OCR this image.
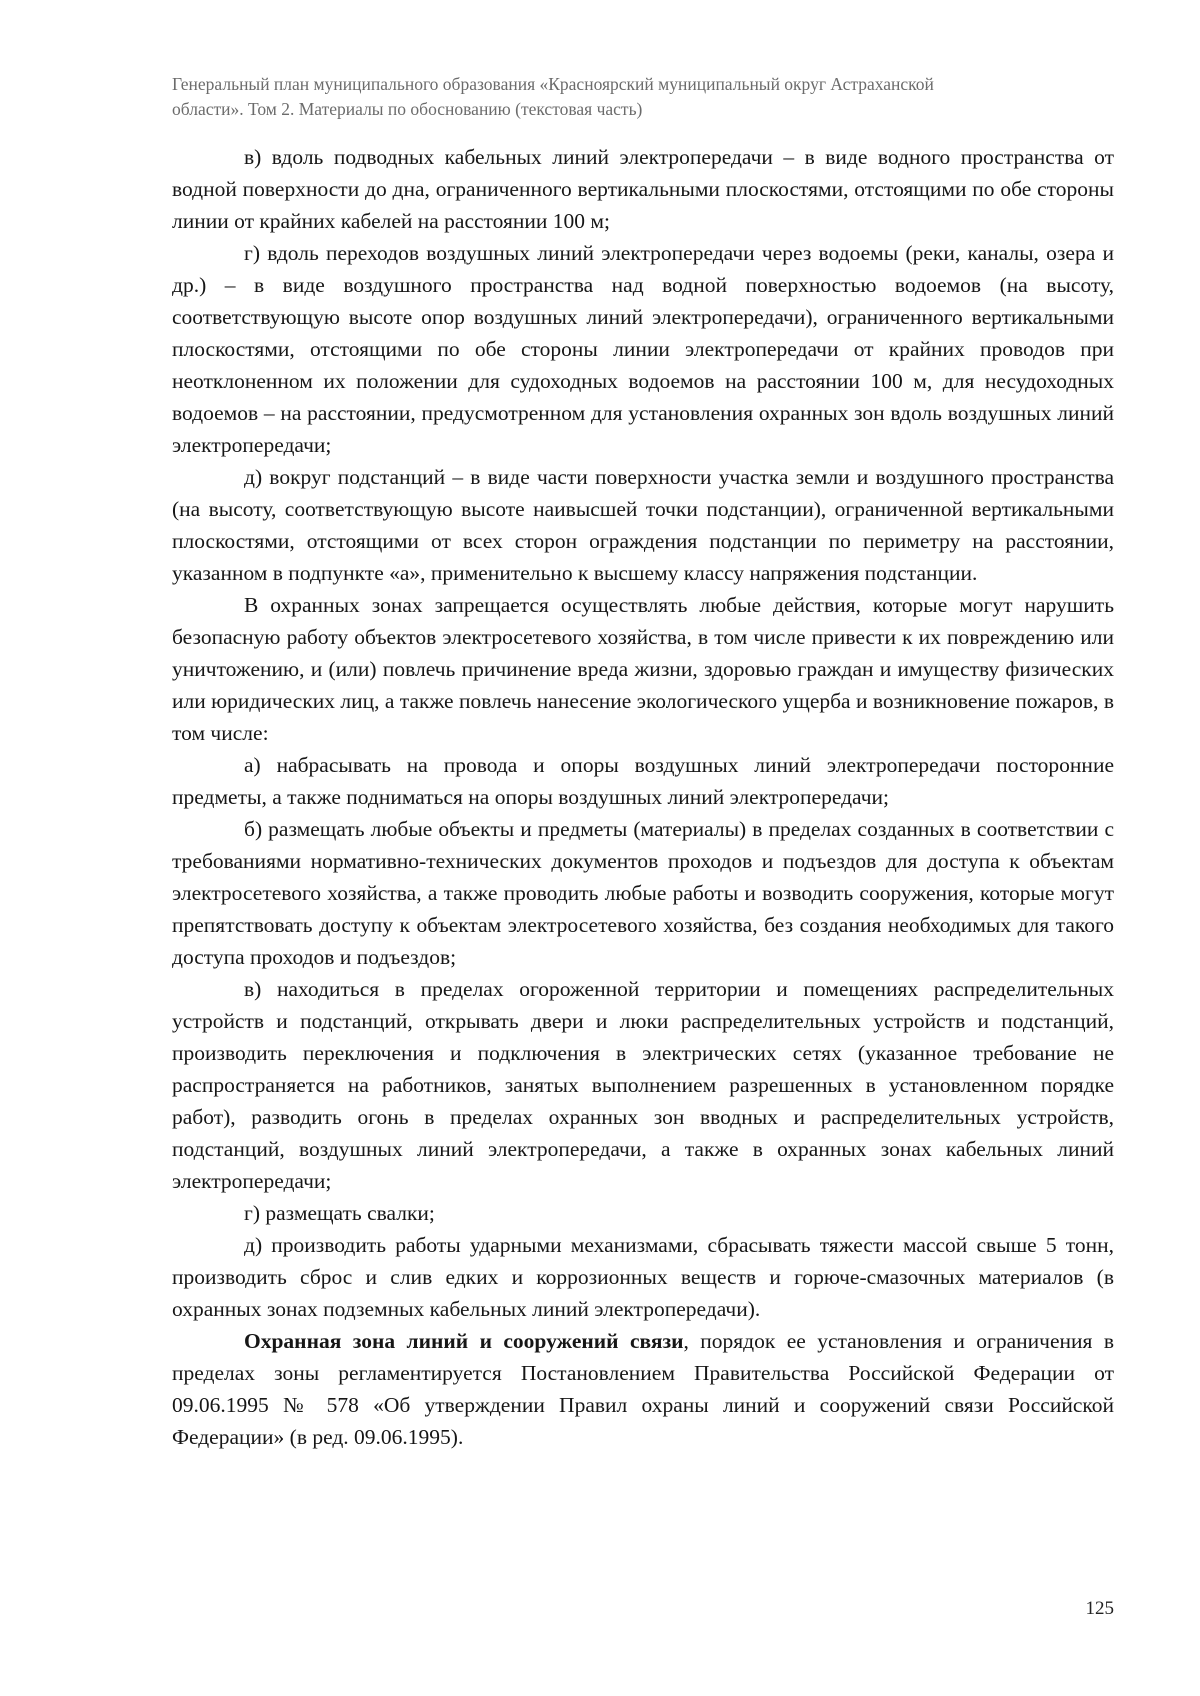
Генеральный план муниципального образования «Красноярский муниципальный округ Астраханской
области». Том 2. Материалы по обоснованию (текстовая часть)

в) вдоль подводных кабельных линий электропередачи – в виде водного пространства от водной поверхности до дна, ограниченного вертикальными плоскостями, отстоящими по обе стороны линии от крайних кабелей на расстоянии 100 м;

г) вдоль переходов воздушных линий электропередачи через водоемы (реки, каналы, озера и др.) – в виде воздушного пространства над водной поверхностью водоемов (на высоту, соответствующую высоте опор воздушных линий электропередачи), ограниченного вертикальными плоскостями, отстоящими по обе стороны линии электропередачи от крайних проводов при неотклоненном их положении для судоходных водоемов на расстоянии 100 м, для несудоходных водоемов – на расстоянии, предусмотренном для установления охранных зон вдоль воздушных линий электропередачи;

д) вокруг подстанций – в виде части поверхности участка земли и воздушного пространства (на высоту, соответствующую высоте наивысшей точки подстанции), ограниченной вертикальными плоскостями, отстоящими от всех сторон ограждения подстанции по периметру на расстоянии, указанном в подпункте «а», применительно к высшему классу напряжения подстанции.

В охранных зонах запрещается осуществлять любые действия, которые могут нарушить безопасную работу объектов электросетевого хозяйства, в том числе привести к их повреждению или уничтожению, и (или) повлечь причинение вреда жизни, здоровью граждан и имуществу физических или юридических лиц, а также повлечь нанесение экологического ущерба и возникновение пожаров, в том числе:

а) набрасывать на провода и опоры воздушных линий электропередачи посторонние предметы, а также подниматься на опоры воздушных линий электропередачи;

б) размещать любые объекты и предметы (материалы) в пределах созданных в соответствии с требованиями нормативно-технических документов проходов и подъездов для доступа к объектам электросетевого хозяйства, а также проводить любые работы и возводить сооружения, которые могут препятствовать доступу к объектам электросетевого хозяйства, без создания необходимых для такого доступа проходов и подъездов;

в) находиться в пределах огороженной территории и помещениях распределительных устройств и подстанций, открывать двери и люки распределительных устройств и подстанций, производить переключения и подключения в электрических сетях (указанное требование не распространяется на работников, занятых выполнением разрешенных в установленном порядке работ), разводить огонь в пределах охранных зон вводных и распределительных устройств, подстанций, воздушных линий электропередачи, а также в охранных зонах кабельных линий электропередачи;

г) размещать свалки;

д) производить работы ударными механизмами, сбрасывать тяжести массой свыше 5 тонн, производить сброс и слив едких и коррозионных веществ и горюче-смазочных материалов (в охранных зонах подземных кабельных линий электропередачи).

Охранная зона линий и сооружений связи, порядок ее установления и ограничения в пределах зоны регламентируется Постановлением Правительства Российской Федерации от 09.06.1995 № 578 «Об утверждении Правил охраны линий и сооружений связи Российской Федерации» (в ред. 09.06.1995).

125
